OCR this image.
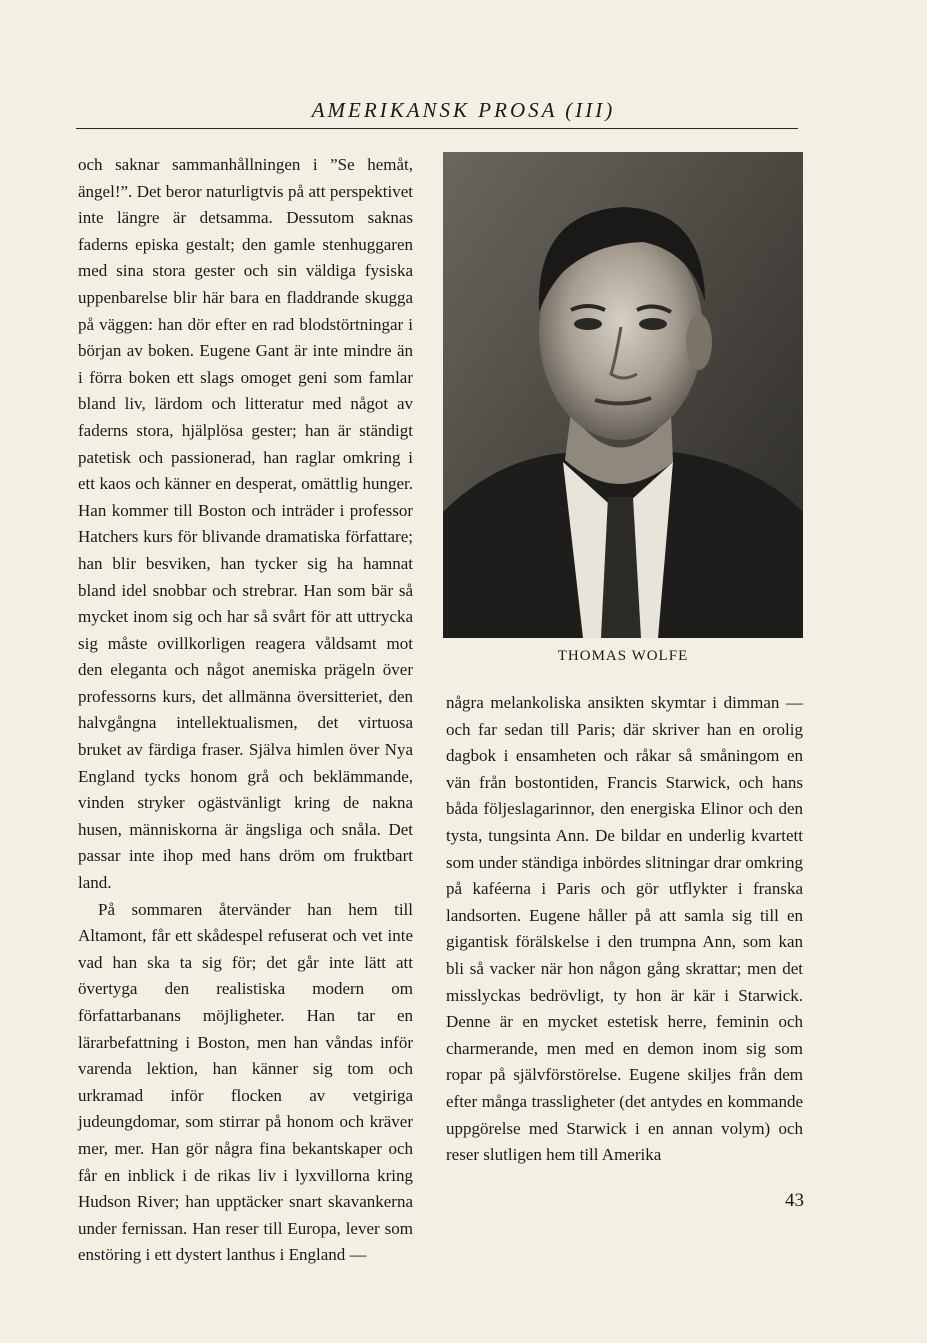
AMERIKANSK PROSA (III)

och saknar sammanhållningen i ”Se hemåt, ängel!”. Det beror naturligtvis på att perspektivet inte längre är detsamma. Dessutom saknas faderns episka gestalt; den gamle stenhuggaren med sina stora gester och sin väldiga fysiska uppenbarelse blir här bara en fladdrande skugga på väggen: han dör efter en rad blodstörtningar i början av boken. Eugene Gant är inte mindre än i förra boken ett slags omoget geni som famlar bland liv, lärdom och litteratur med något av faderns stora, hjälplösa gester; han är ständigt patetisk och passionerad, han raglar omkring i ett kaos och känner en desperat, omättlig hunger. Han kommer till Boston och inträder i professor Hatchers kurs för blivande dramatiska författare; han blir besviken, han tycker sig ha hamnat bland idel snobbar och strebrar. Han som bär så mycket inom sig och har så svårt för att uttrycka sig måste ovillkorligen reagera våldsamt mot den eleganta och något anemiska prägeln över professorns kurs, det allmänna översitteriet, den halvgångna intellektualismen, det virtuosa bruket av färdiga fraser. Själva himlen över Nya England tycks honom grå och beklämmande, vinden stryker ogästvänligt kring de nakna husen, människorna är ängsliga och snåla. Det passar inte ihop med hans dröm om fruktbart land.

På sommaren återvänder han hem till Altamont, får ett skådespel refuserat och vet inte vad han ska ta sig för; det går inte lätt att övertyga den realistiska modern om författarbanans möjligheter. Han tar en lärarbefattning i Boston, men han våndas inför varenda lektion, han känner sig tom och urkramad inför flocken av vetgiriga judeungdomar, som stirrar på honom och kräver mer, mer. Han gör några fina bekantskaper och får en inblick i de rikas liv i lyxvillorna kring Hudson River; han upptäcker snart skavankerna under fernissan. Han reser till Europa, lever som enstöring i ett dystert lanthus i England —

THOMAS WOLFE

några melankoliska ansikten skymtar i dimman — och far sedan till Paris; där skriver han en orolig dagbok i ensamheten och råkar så småningom en vän från bostontiden, Francis Starwick, och hans båda följeslagarinnor, den energiska Elinor och den tysta, tungsinta Ann. De bildar en underlig kvartett som under ständiga inbördes slitningar drar omkring på kaféerna i Paris och gör utflykter i franska landsorten. Eugene håller på att samla sig till en gigantisk förälskelse i den trumpna Ann, som kan bli så vacker när hon någon gång skrattar; men det misslyckas bedrövligt, ty hon är kär i Starwick. Denne är en mycket estetisk herre, feminin och charmerande, men med en demon inom sig som ropar på självförstörelse. Eugene skiljes från dem efter många trassligheter (det antydes en kommande uppgörelse med Starwick i en annan volym) och reser slutligen hem till Amerika

43
